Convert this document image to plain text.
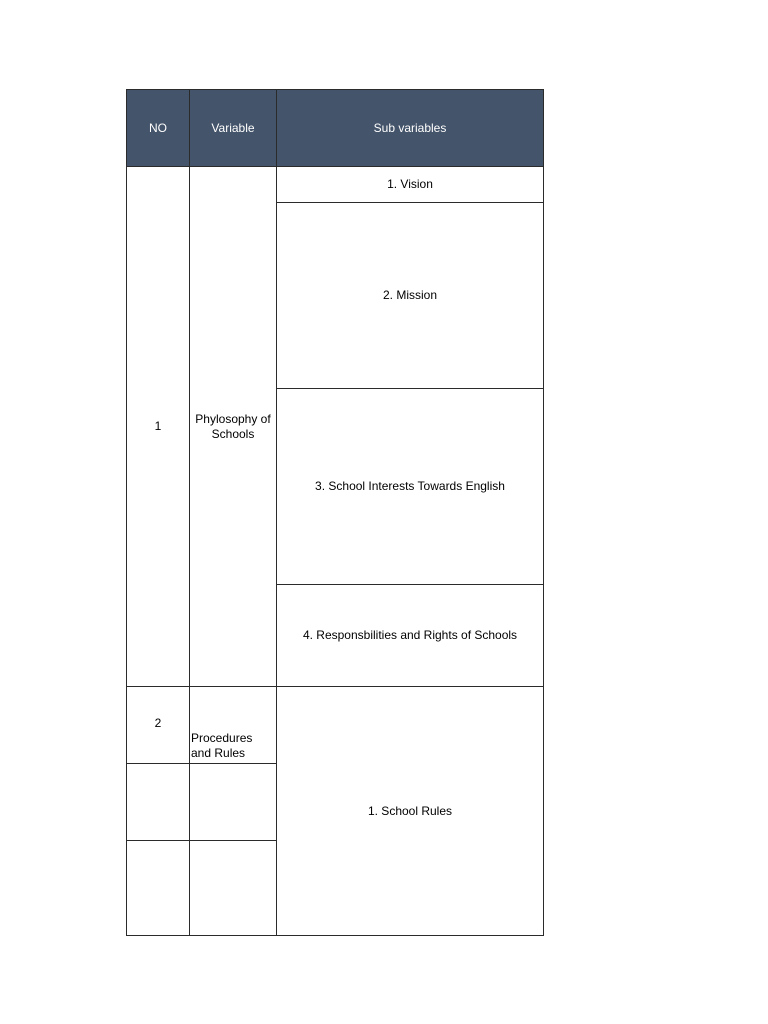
NO	Variable	Sub variables
1	Phylosophy of Schools	1. Vision
		2. Mission
		3. School Interests Towards English
		4. Responsbilities and Rights of Schools
2	Procedures and Rules	1. School Rules
